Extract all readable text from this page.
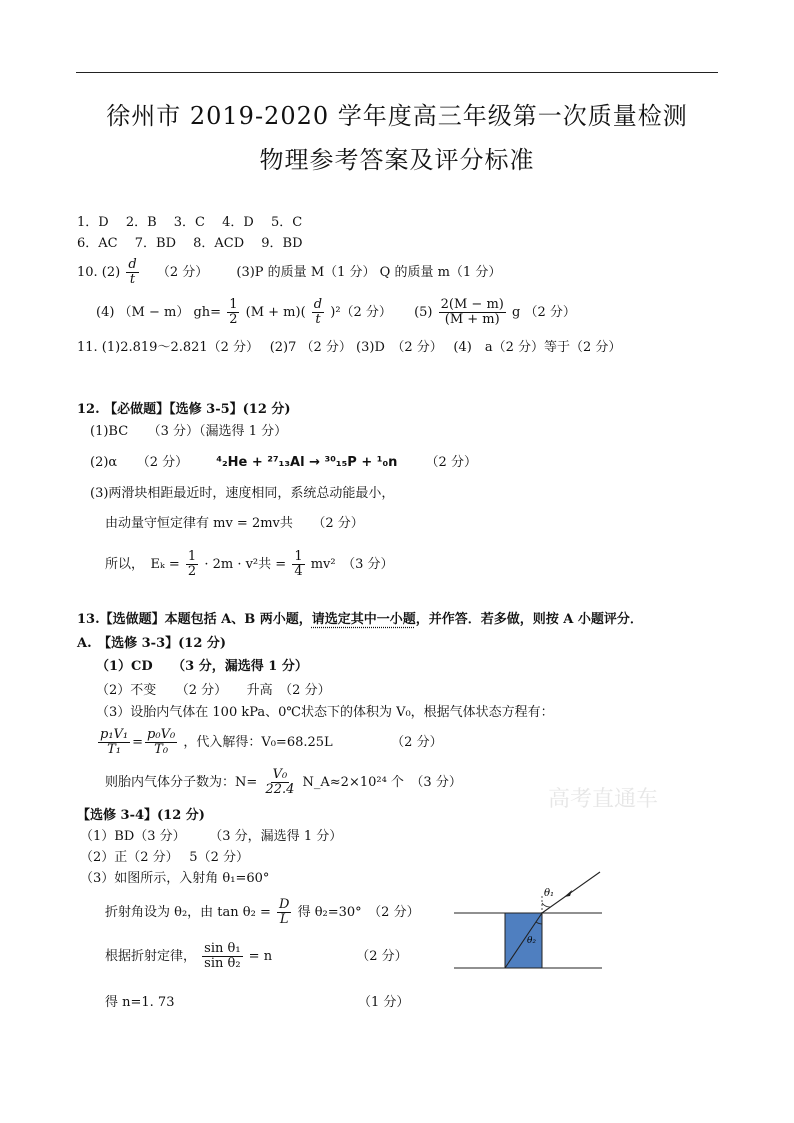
徐州市 2019-2020 学年度高三年级第一次质量检测
物理参考答案及评分标准
1．D　 2．B　 3．C　 4．D　 5．C
6．AC　 7．BD　 8．ACD　 9．BD
10. $(2) \frac{d}{t} (2$ 分） (3)P 的质量 M（1 分） Q 的质量 m（1 分）
(4) （M − m） $gh= \frac{1}{2} (M + m)( \frac{d}{t} )^2(2$ 分） $(5) \frac{2(M - m)}{(M + m)}$ g （2 分）
11. (1)2.819～2.821（2 分）　 (2)7 （2 分） (3)D　（2 分）　 (4)　a（2 分）等于（2 分）
12. 【必做题】【选修 3-5】(12 分)
(1)BC　　（3 分）（漏选得 1 分）
(2)α　　（2 分） ⁴₂He + ²⁷₁₃Al → ³⁰₁₅P + ¹₀n （2 分）
(3)两滑块相距最近时，速度相同，系统总动能最小，
由动量守恒定律有 mv = 2mv共　　（2 分）
所以，　$E_k = \frac{1}{2} \cdot 2m \cdot v^2$共 = $\frac{1}{4} mv^2$　（3 分）
13.【选做题】本题包括 A、B 两小题，请选定其中一小题，并作答．若多做，则按 A 小题评分．
A.　【选修 3-3】(12 分)
（1）CD　　（3 分，漏选得 1 分）
（2）不变　　（2 分）　　升高　（2 分）
（3）设胎内气体在 100 kPa、0℃状态下的体积为 V₀，根据气体状态方程有：
$\frac{\text{p₁V₁}}{\text{T₁}} = \frac{\text{p₀V₀}}{\text{T₀}}$ ，代入解得：V₀=68.25L　　　　　（2 分）
则胎内气体分子数为：$N= \frac{\text{V₀}}{22.4}$ N_A≈2×10²⁴ 个　（3 分）
高考直通车
【选修 3-4】(12 分)
（1）BD（3 分）　　 （3 分，漏选得 1 分）
（2）正（2 分）　 5（2 分）
（3）如图所示，入射角 θ₁=60°
折射角设为 θ₂，由 $\tan \theta_2 = \frac{D}{L}$ 得 θ₂=30°　（2 分）
根据折射定律， $\frac{\text{sin θ₁}}{\text{sin θ₂}} = n$	（2 分）
得 n=1. 73	（1 分）
θ₁
θ₂
